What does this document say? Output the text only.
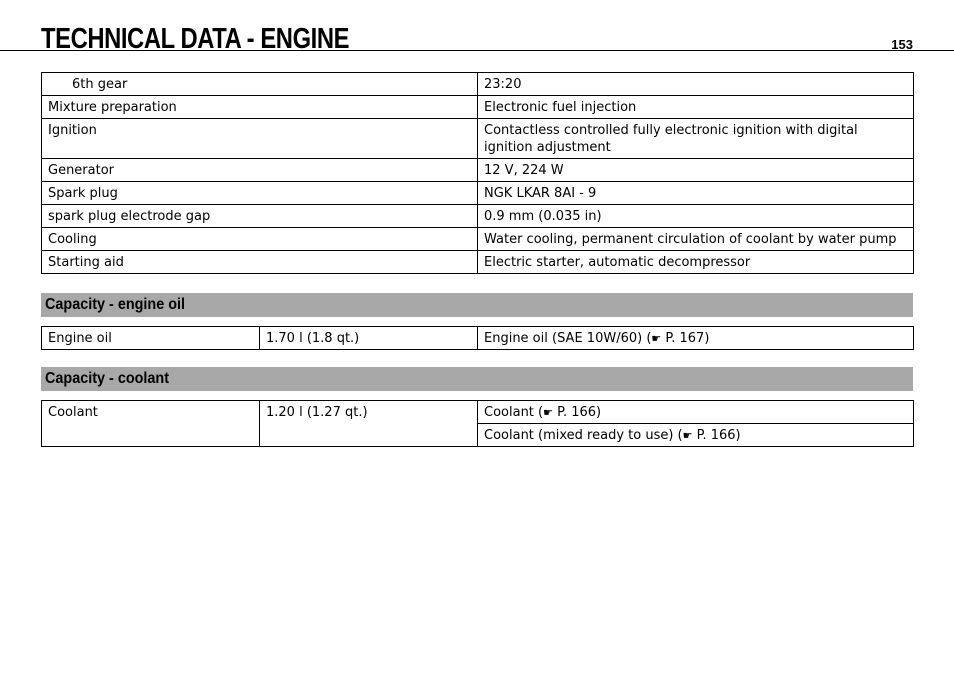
TECHNICAL DATA - ENGINE	153
6th gear	23:20
Mixture preparation	Electronic fuel injection
Ignition	Contactless controlled fully electronic ignition with digital ignition adjustment
Generator	12 V, 224 W
Spark plug	NGK LKAR 8AI - 9
spark plug electrode gap	0.9 mm (0.035 in)
Cooling	Water cooling, permanent circulation of coolant by water pump
Starting aid	Electric starter, automatic decompressor
Capacity - engine oil
Engine oil	1.70 l (1.8 qt.)	Engine oil (SAE 10W/60) (☛ P. 167)
Capacity - coolant
Coolant	1.20 l (1.27 qt.)	Coolant (☛ P. 166)
Coolant (mixed ready to use) (☛ P. 166)
